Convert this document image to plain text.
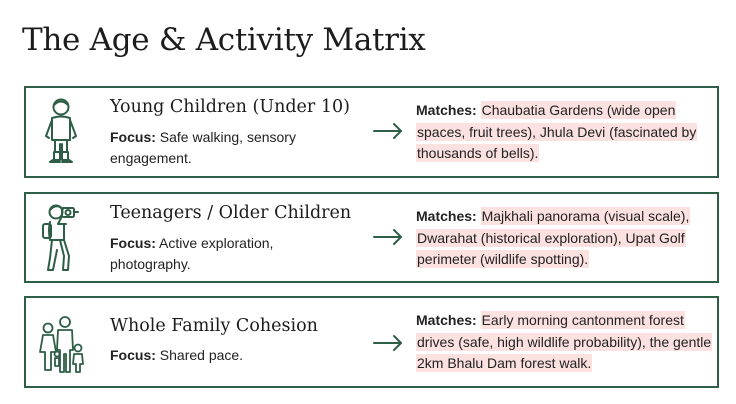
The Age & Activity Matrix
Young Children (Under 10)
Focus: Safe walking, sensory engagement.
Matches: Chaubatia Gardens (wide open spaces, fruit trees), Jhula Devi (fascinated by thousands of bells).
Teenagers / Older Children
Focus: Active exploration, photography.
Matches: Majkhali panorama (visual scale), Dwarahat (historical exploration), Upat Golf perimeter (wildlife spotting).
Whole Family Cohesion
Focus: Shared pace.
Matches: Early morning cantonment forest drives (safe, high wildlife probability), the gentle 2km Bhalu Dam forest walk.
